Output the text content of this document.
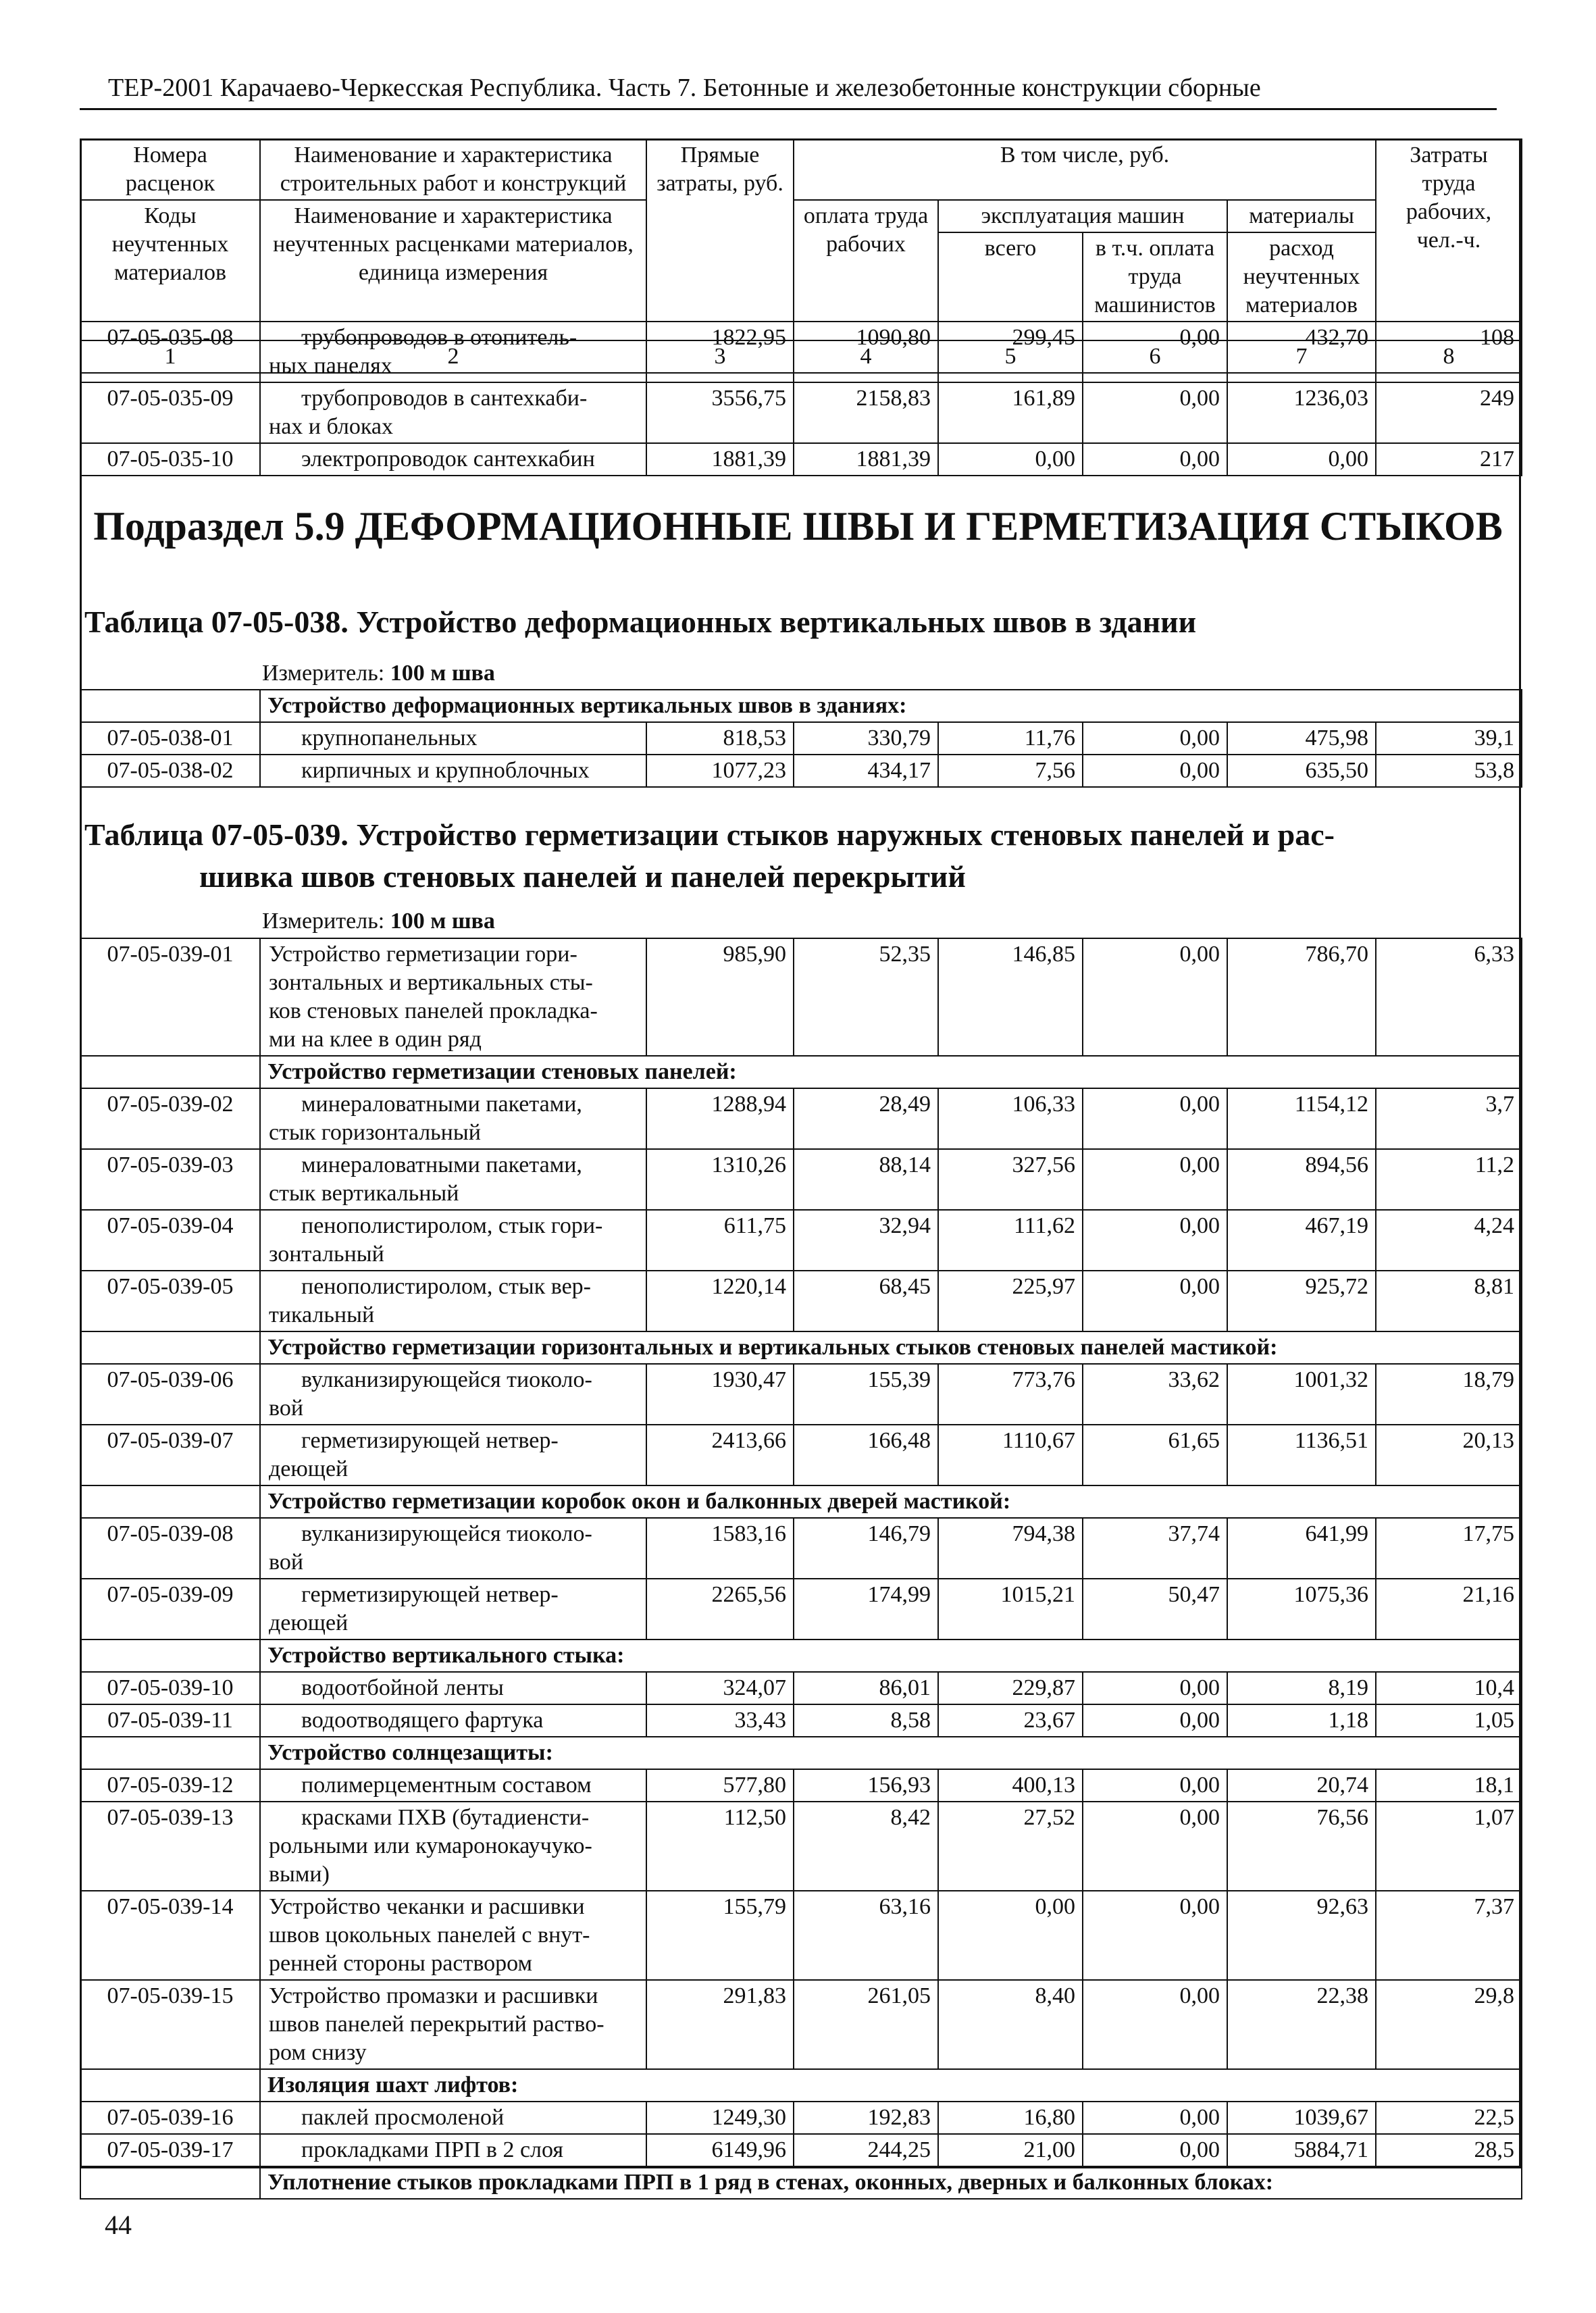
ТЕР-2001 Карачаево-Черкесская Республика. Часть 7. Бетонные и железобетонные конструкции сборные
Номера расценок	Наименование и характеристика строительных работ и конструкций	Прямые затраты, руб.	В том числе, руб.				Затраты труда рабочих, чел.-ч.
Коды неучтенных материалов	Наименование и характеристика неучтенных расценками материалов, единица измерения		оплата труда рабочих	эксплуатация машин		материалы	
				всего	в т.ч. оплата труда машинистов	расход неучтенных материалов	
1	2	3	4	5	6	7	8
07-05-035-08	трубопроводов в отопитель-
ных панелях	1822,95	1090,80	299,45	0,00	432,70	108
07-05-035-09	трубопроводов в сантехкаби-
нах и блоках	3556,75	2158,83	161,89	0,00	1236,03	249
07-05-035-10	электропроводок сантехкабин	1881,39	1881,39	0,00	0,00	0,00	217
Подраздел 5.9 ДЕФОРМАЦИОННЫЕ ШВЫ И ГЕРМЕТИЗАЦИЯ СТЫКОВ
Таблица 07-05-038. Устройство деформационных вертикальных швов в здании
Измеритель: 100 м шва
	Устройство деформационных вертикальных швов в зданиях:						
07-05-038-01	крупнопанельных	818,53	330,79	11,76	0,00	475,98	39,1
07-05-038-02	кирпичных и крупноблочных	1077,23	434,17	7,56	0,00	635,50	53,8
Таблица 07-05-039. Устройство герметизации стыков наружных стеновых панелей и рас-
шивка швов стеновых панелей и панелей перекрытий
Измеритель: 100 м шва
07-05-039-01	Устройство герметизации гори-
зонтальных и вертикальных сты-
ков стеновых панелей прокладка-
ми на клее в один ряд	985,90	52,35	146,85	0,00	786,70	6,33
	Устройство герметизации стеновых панелей:						
07-05-039-02	минераловатными пакетами,
стык горизонтальный	1288,94	28,49	106,33	0,00	1154,12	3,7
07-05-039-03	минераловатными пакетами,
стык вертикальный	1310,26	88,14	327,56	0,00	894,56	11,2
07-05-039-04	пенополистиролом, стык гори-
зонтальный	611,75	32,94	111,62	0,00	467,19	4,24
07-05-039-05	пенополистиролом, стык вер-
тикальный	1220,14	68,45	225,97	0,00	925,72	8,81
	Устройство герметизации горизонтальных и вертикальных стыков стеновых панелей мастикой:						
07-05-039-06	вулканизирующейся тиоколо-
вой	1930,47	155,39	773,76	33,62	1001,32	18,79
07-05-039-07	герметизирующей нетвер-
деющей	2413,66	166,48	1110,67	61,65	1136,51	20,13
	Устройство герметизации коробок окон и балконных дверей мастикой:						
07-05-039-08	вулканизирующейся тиоколо-
вой	1583,16	146,79	794,38	37,74	641,99	17,75
07-05-039-09	герметизирующей нетвер-
деющей	2265,56	174,99	1015,21	50,47	1075,36	21,16
	Устройство вертикального стыка:						
07-05-039-10	водоотбойной ленты	324,07	86,01	229,87	0,00	8,19	10,4
07-05-039-11	водоотводящего фартука	33,43	8,58	23,67	0,00	1,18	1,05
	Устройство солнцезащиты:						
07-05-039-12	полимерцементным составом	577,80	156,93	400,13	0,00	20,74	18,1
07-05-039-13	красками ПХВ (бутадиенсти-
рольными или кумаронокаучуко-
выми)	112,50	8,42	27,52	0,00	76,56	1,07
07-05-039-14	Устройство чеканки и расшивки
швов цокольных панелей с внут-
ренней стороны раствором	155,79	63,16	0,00	0,00	92,63	7,37
07-05-039-15	Устройство промазки и расшивки
швов панелей перекрытий раство-
ром снизу	291,83	261,05	8,40	0,00	22,38	29,8
	Изоляция шахт лифтов:						
07-05-039-16	паклей просмоленой	1249,30	192,83	16,80	0,00	1039,67	22,5
07-05-039-17	прокладками ПРП в 2 слоя	6149,96	244,25	21,00	0,00	5884,71	28,5
	Уплотнение стыков прокладками ПРП в 1 ряд в стенах, оконных, дверных и балконных блоках:						
44
